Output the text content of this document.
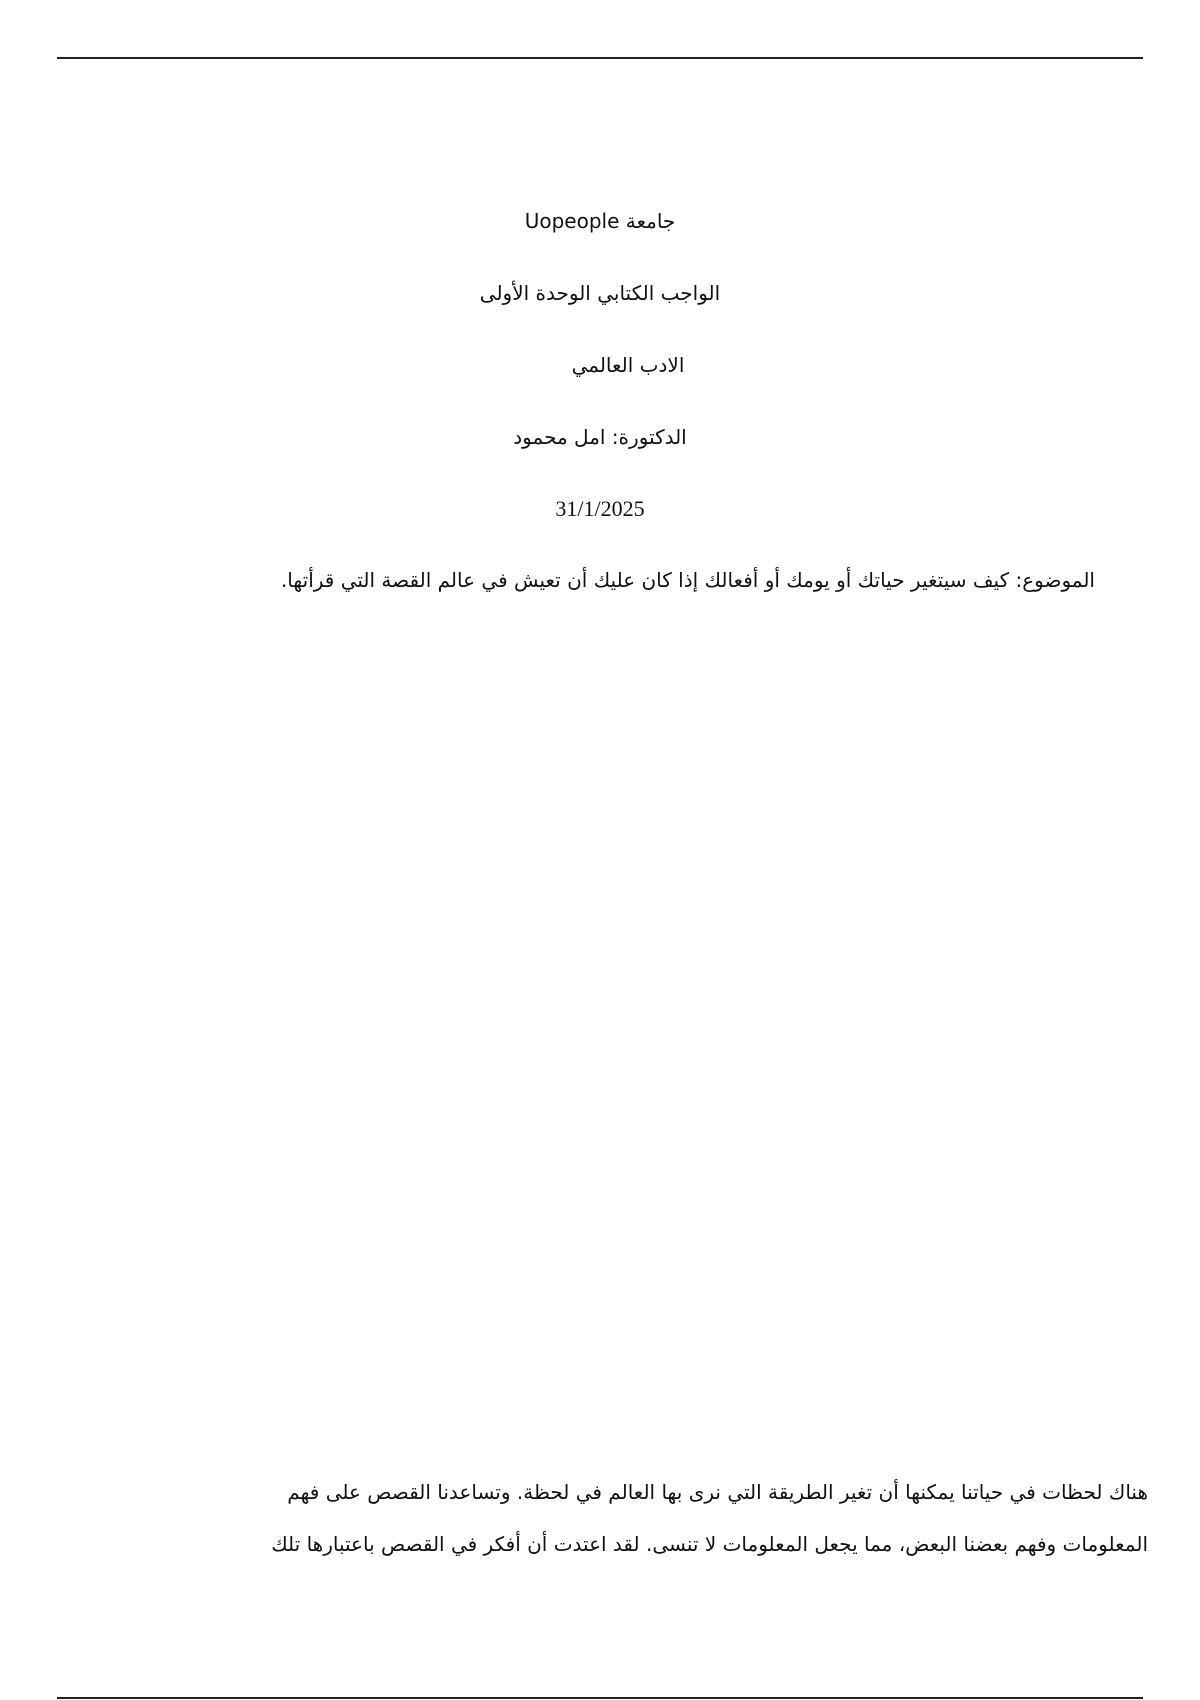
جامعة Uopeople
الواجب الكتابي الوحدة الأولى
الادب العالمي
الدكتورة: امل محمود
31/1/2025
الموضوع: كيف سيتغير حياتك أو يومك أو أفعالك إذا كان عليك أن تعيش في عالم القصة التي قرأتها.
هناك لحظات في حياتنا يمكنها أن تغير الطريقة التي نرى بها العالم في لحظة. وتساعدنا القصص على فهم
المعلومات وفهم بعضنا البعض، مما يجعل المعلومات لا تنسى. لقد اعتدت أن أفكر في القصص باعتبارها تلك
